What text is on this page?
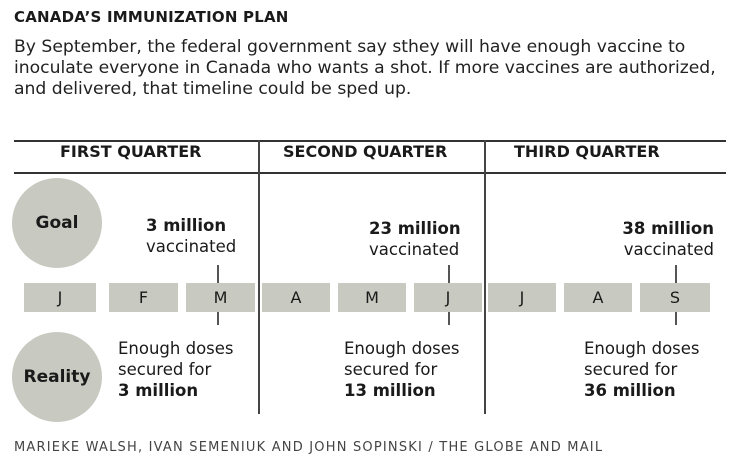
CANADA’S IMMUNIZATION PLAN
By September, the federal government say sthey will have enough vaccine to inoculate everyone in Canada who wants a shot. If more vaccines are authorized, and delivered, that timeline could be sped up.
FIRST QUARTER	SECOND QUARTER	THIRD QUARTER
Goal
Reality
3 million
vaccinated
23 million
vaccinated
38 million
vaccinated
J	F	M	A	M	J	J	A	S
Enough doses
secured for
3 million
Enough doses
secured for
13 million
Enough doses
secured for
36 million
MARIEKE WALSH, IVAN SEMENIUK AND JOHN SOPINSKI / THE GLOBE AND MAIL
